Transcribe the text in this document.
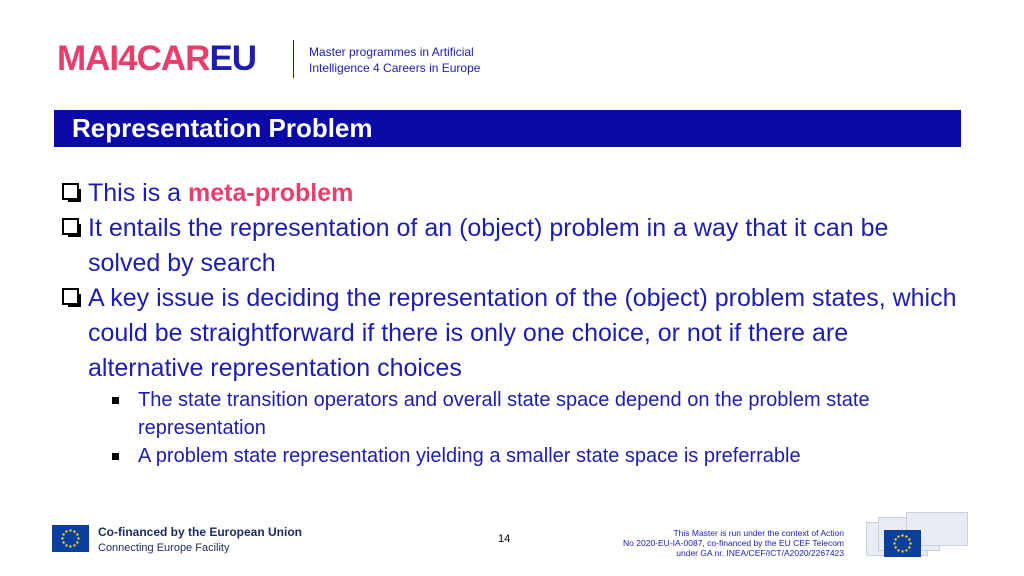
MAI4CAREU	Master programmes in Artificial
Intelligence 4 Careers in Europe
Representation Problem
This is a meta-problem
It entails the representation of an (object) problem in a way that it can be solved by search
A key issue is deciding the representation of the (object) problem states, which could be straightforward if there is only one choice, or not if there are alternative representation choices
The state transition operators and overall state space depend on the problem state representation
A problem state representation yielding a smaller state space is preferrable
Co-financed by the European Union
Connecting Europe Facility
14	This Master is run under the context of Action
No 2020-EU-IA-0087, co-financed by the EU CEF Telecom
under GA nr. INEA/CEF/ICT/A2020/2267423
